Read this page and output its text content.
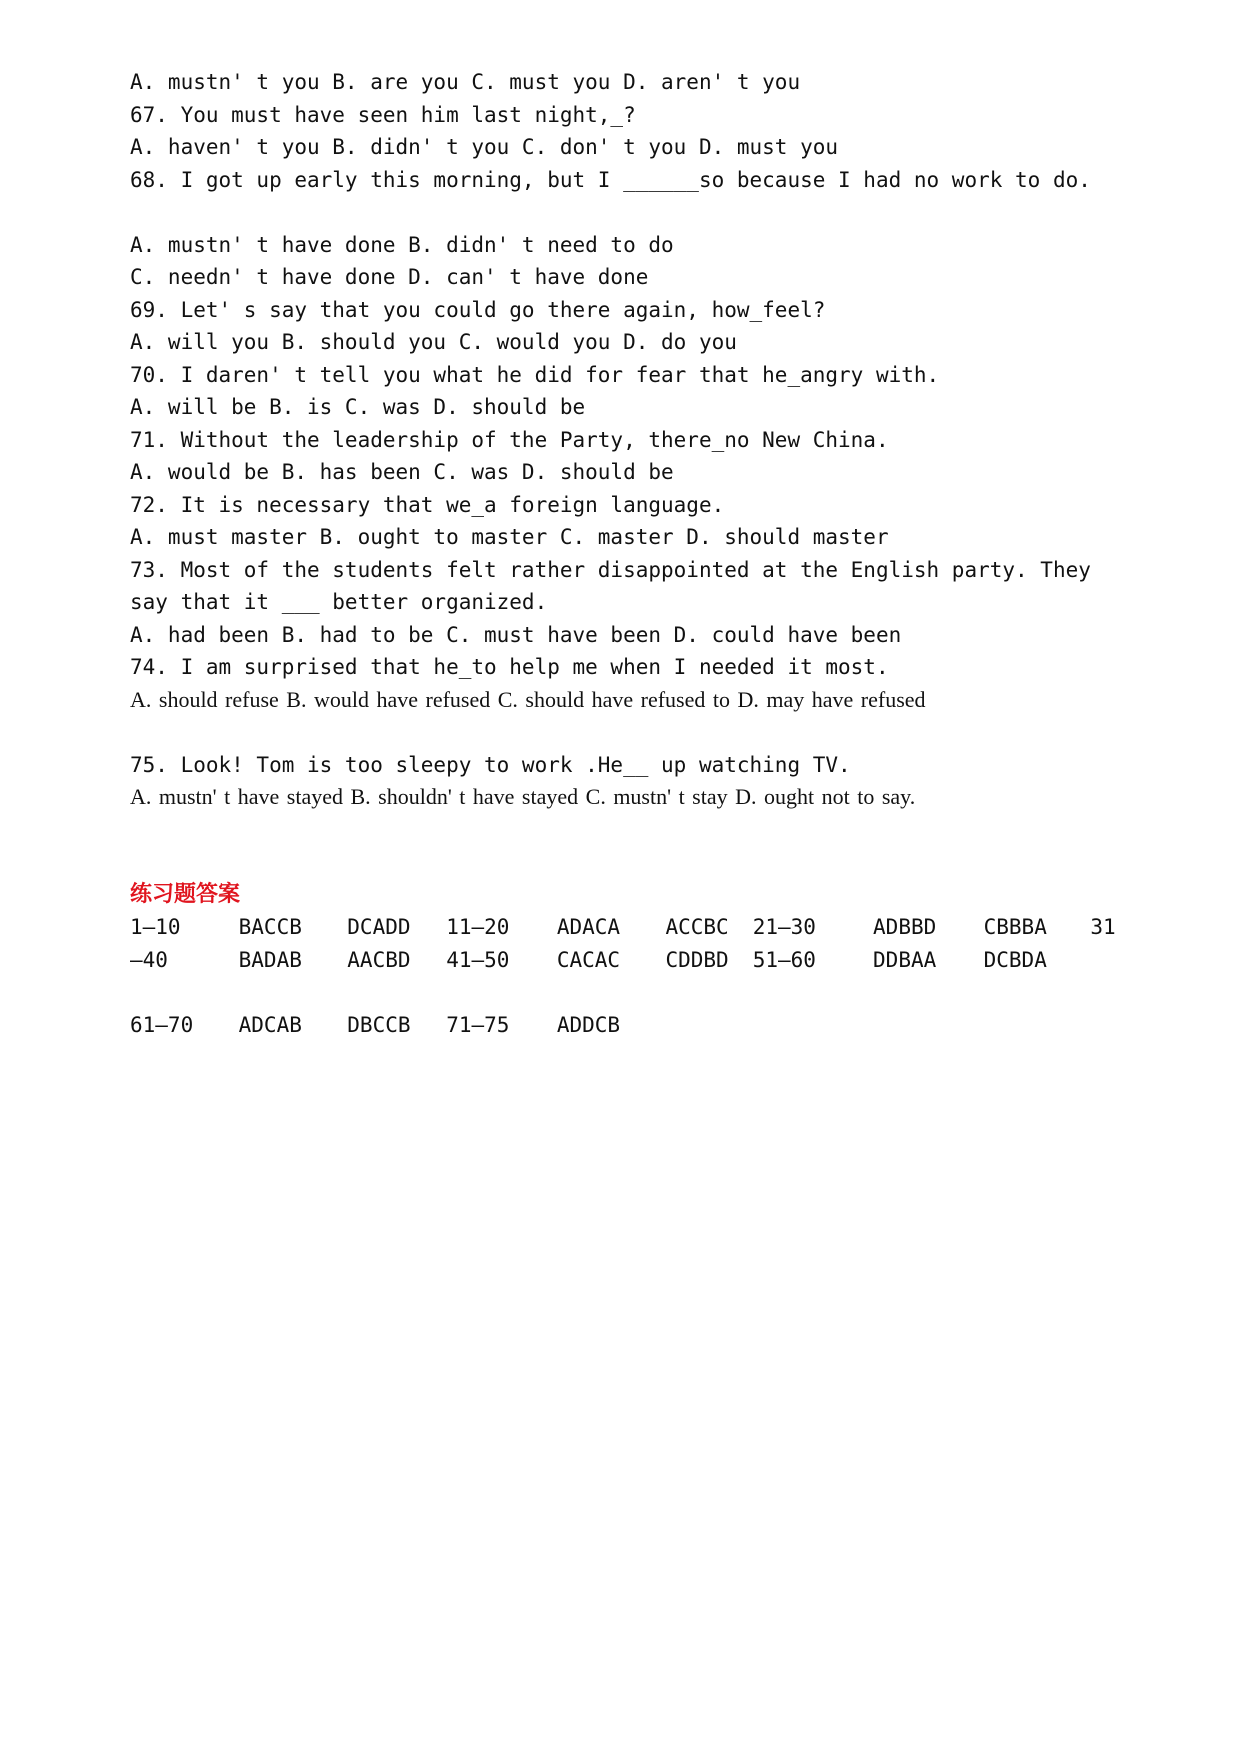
A. mustn' t you B. are you C. must you D. aren' t you
67. You must have seen him last night,_?
A. haven' t you B. didn' t you C. don' t you D. must you
68. I got up early this morning, but I ______so because I had no work to do.
A. mustn' t have done B. didn' t need to do
C. needn' t have done D. can' t have done
69. Let' s say that you could go there again, how_feel?
A. will you B. should you C. would you D. do you
70. I daren' t tell you what he did for fear that he_angry with.
A. will be B. is C. was D. should be
71. Without the leadership of the Party, there_no New China.
A. would be B. has been C. was D. should be
72. It is necessary that we_a foreign language.
A. must master B. ought to master C. master D. should master
73. Most of the students felt rather disappointed at the English party. They say that it ___ better organized.
A. had been B. had to be C. must have been D. could have been
74. I am surprised that he_to help me when I needed it most.
A. should refuse B. would have refused C. should have refused to D. may have refused
75. Look! Tom is too sleepy to work .He__ up watching TV.
A. mustn' t have stayed B. shouldn' t have stayed C. mustn' t stay D. ought not to say.
练习题答案
1—10	BACCB	DCADD	11—20	ADACA	ACCBC	21—30	ADBBD	CBBBA	31
—40	BADAB	AACBD	41—50	CACAC	CDDBD	51—60	DDBAA	DCBDA	

61—70	ADCAB	DBCCB	71—75	ADDCB					
